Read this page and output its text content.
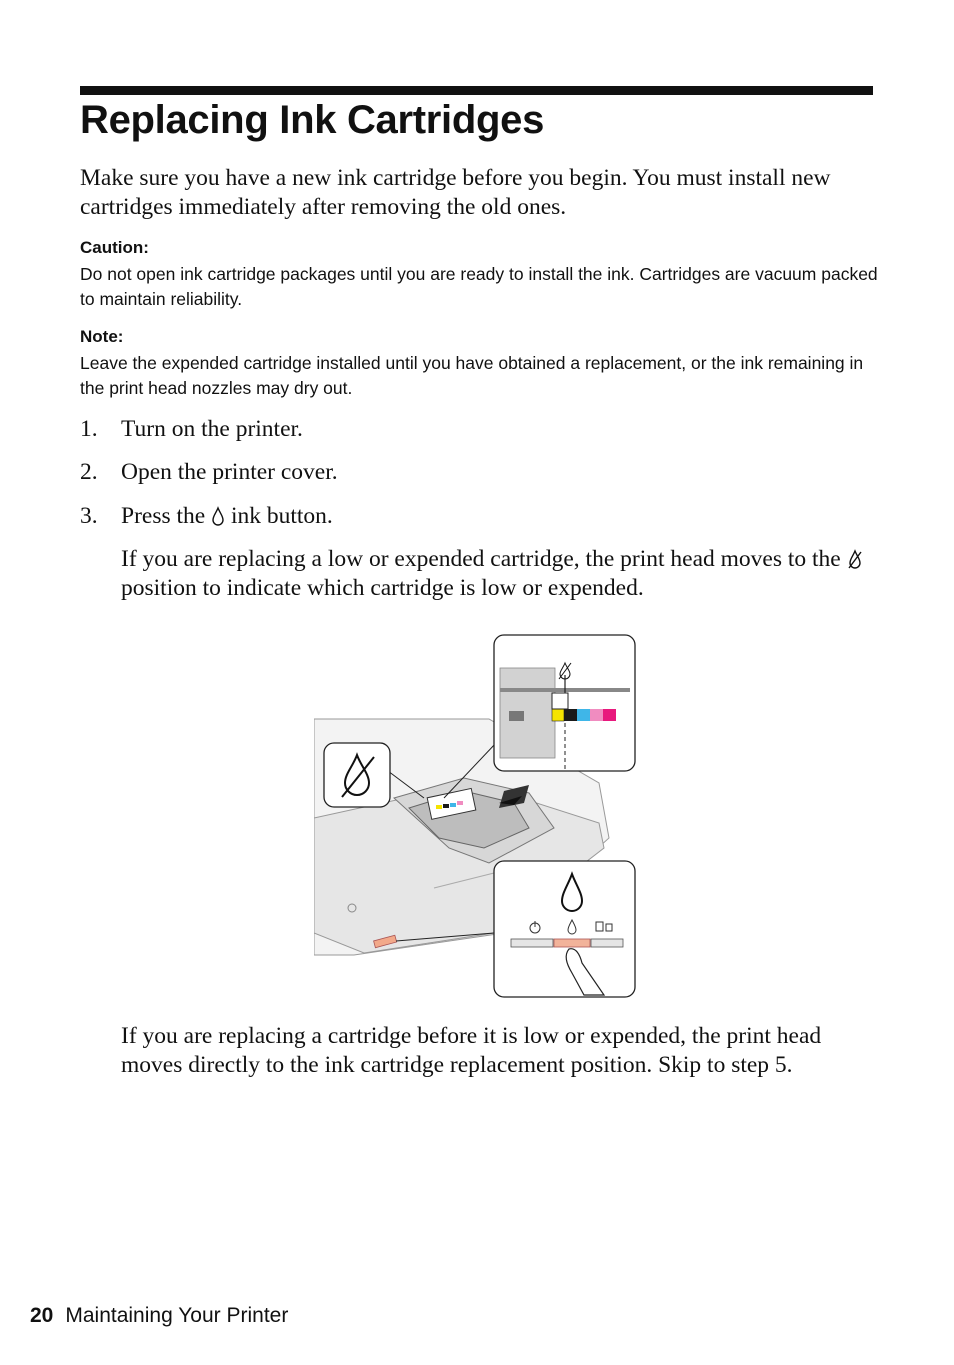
Replacing Ink Cartridges

Make sure you have a new ink cartridge before you begin. You must install new cartridges immediately after removing the old ones.

Caution:

Do not open ink cartridge packages until you are ready to install the ink. Cartridges are vacuum packed to maintain reliability.

Note:

Leave the expended cartridge installed until you have obtained a replacement, or the ink remaining in the print head nozzles may dry out.

1. Turn on the printer.
2. Open the printer cover.
3. Press the ink button.

If you are replacing a low or expended cartridge, the print head moves to the  position to indicate which cartridge is low or expended.

If you are replacing a cartridge before it is low or expended, the print head moves directly to the ink cartridge replacement position. Skip to step 5.

20 Maintaining Your Printer
